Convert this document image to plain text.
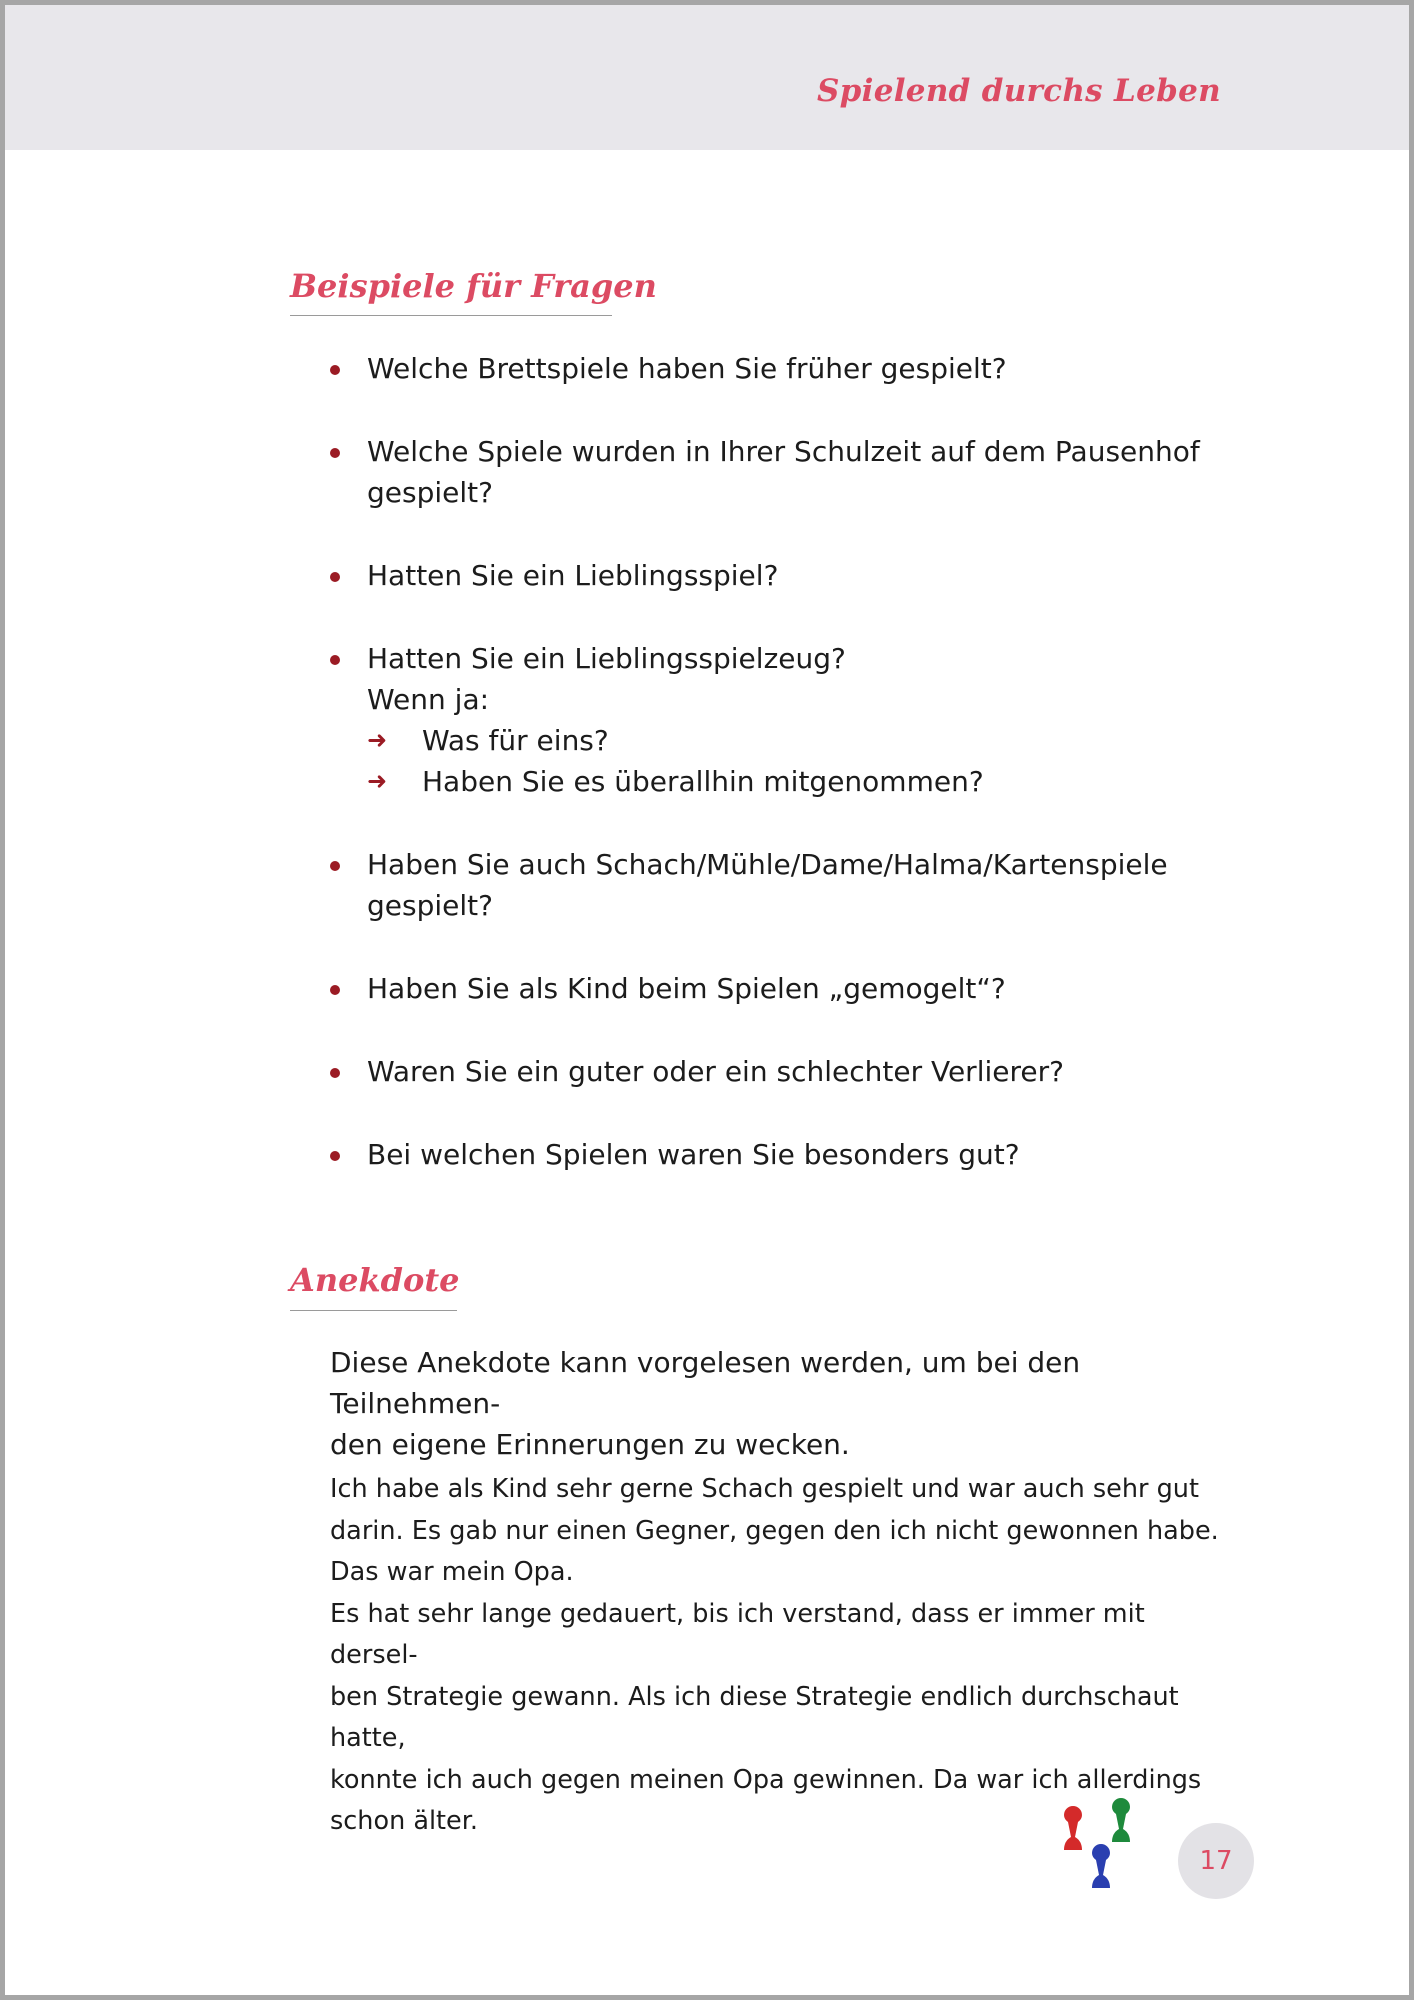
Spielend durchs Leben
Beispiele für Fragen
Welche Brettspiele haben Sie früher gespielt?
Welche Spiele wurden in Ihrer Schulzeit auf dem Pausenhof
gespielt?
Hatten Sie ein Lieblingsspiel?
Hatten Sie ein Lieblingsspielzeug?
Wenn ja:
➜ Was für eins?
➜ Haben Sie es überallhin mitgenommen?
Haben Sie auch Schach/Mühle/Dame/Halma/Kartenspiele
gespielt?
Haben Sie als Kind beim Spielen „gemogelt“?
Waren Sie ein guter oder ein schlechter Verlierer?
Bei welchen Spielen waren Sie besonders gut?
Anekdote
Diese Anekdote kann vorgelesen werden, um bei den Teilnehmen-
den eigene Erinnerungen zu wecken.

Ich habe als Kind sehr gerne Schach gespielt und war auch sehr gut

darin. Es gab nur einen Gegner, gegen den ich nicht gewonnen habe.

Das war mein Opa.

Es hat sehr lange gedauert, bis ich verstand, dass er immer mit dersel-

ben Strategie gewann. Als ich diese Strategie endlich durchschaut hatte,

konnte ich auch gegen meinen Opa gewinnen. Da war ich allerdings

schon älter.

17
